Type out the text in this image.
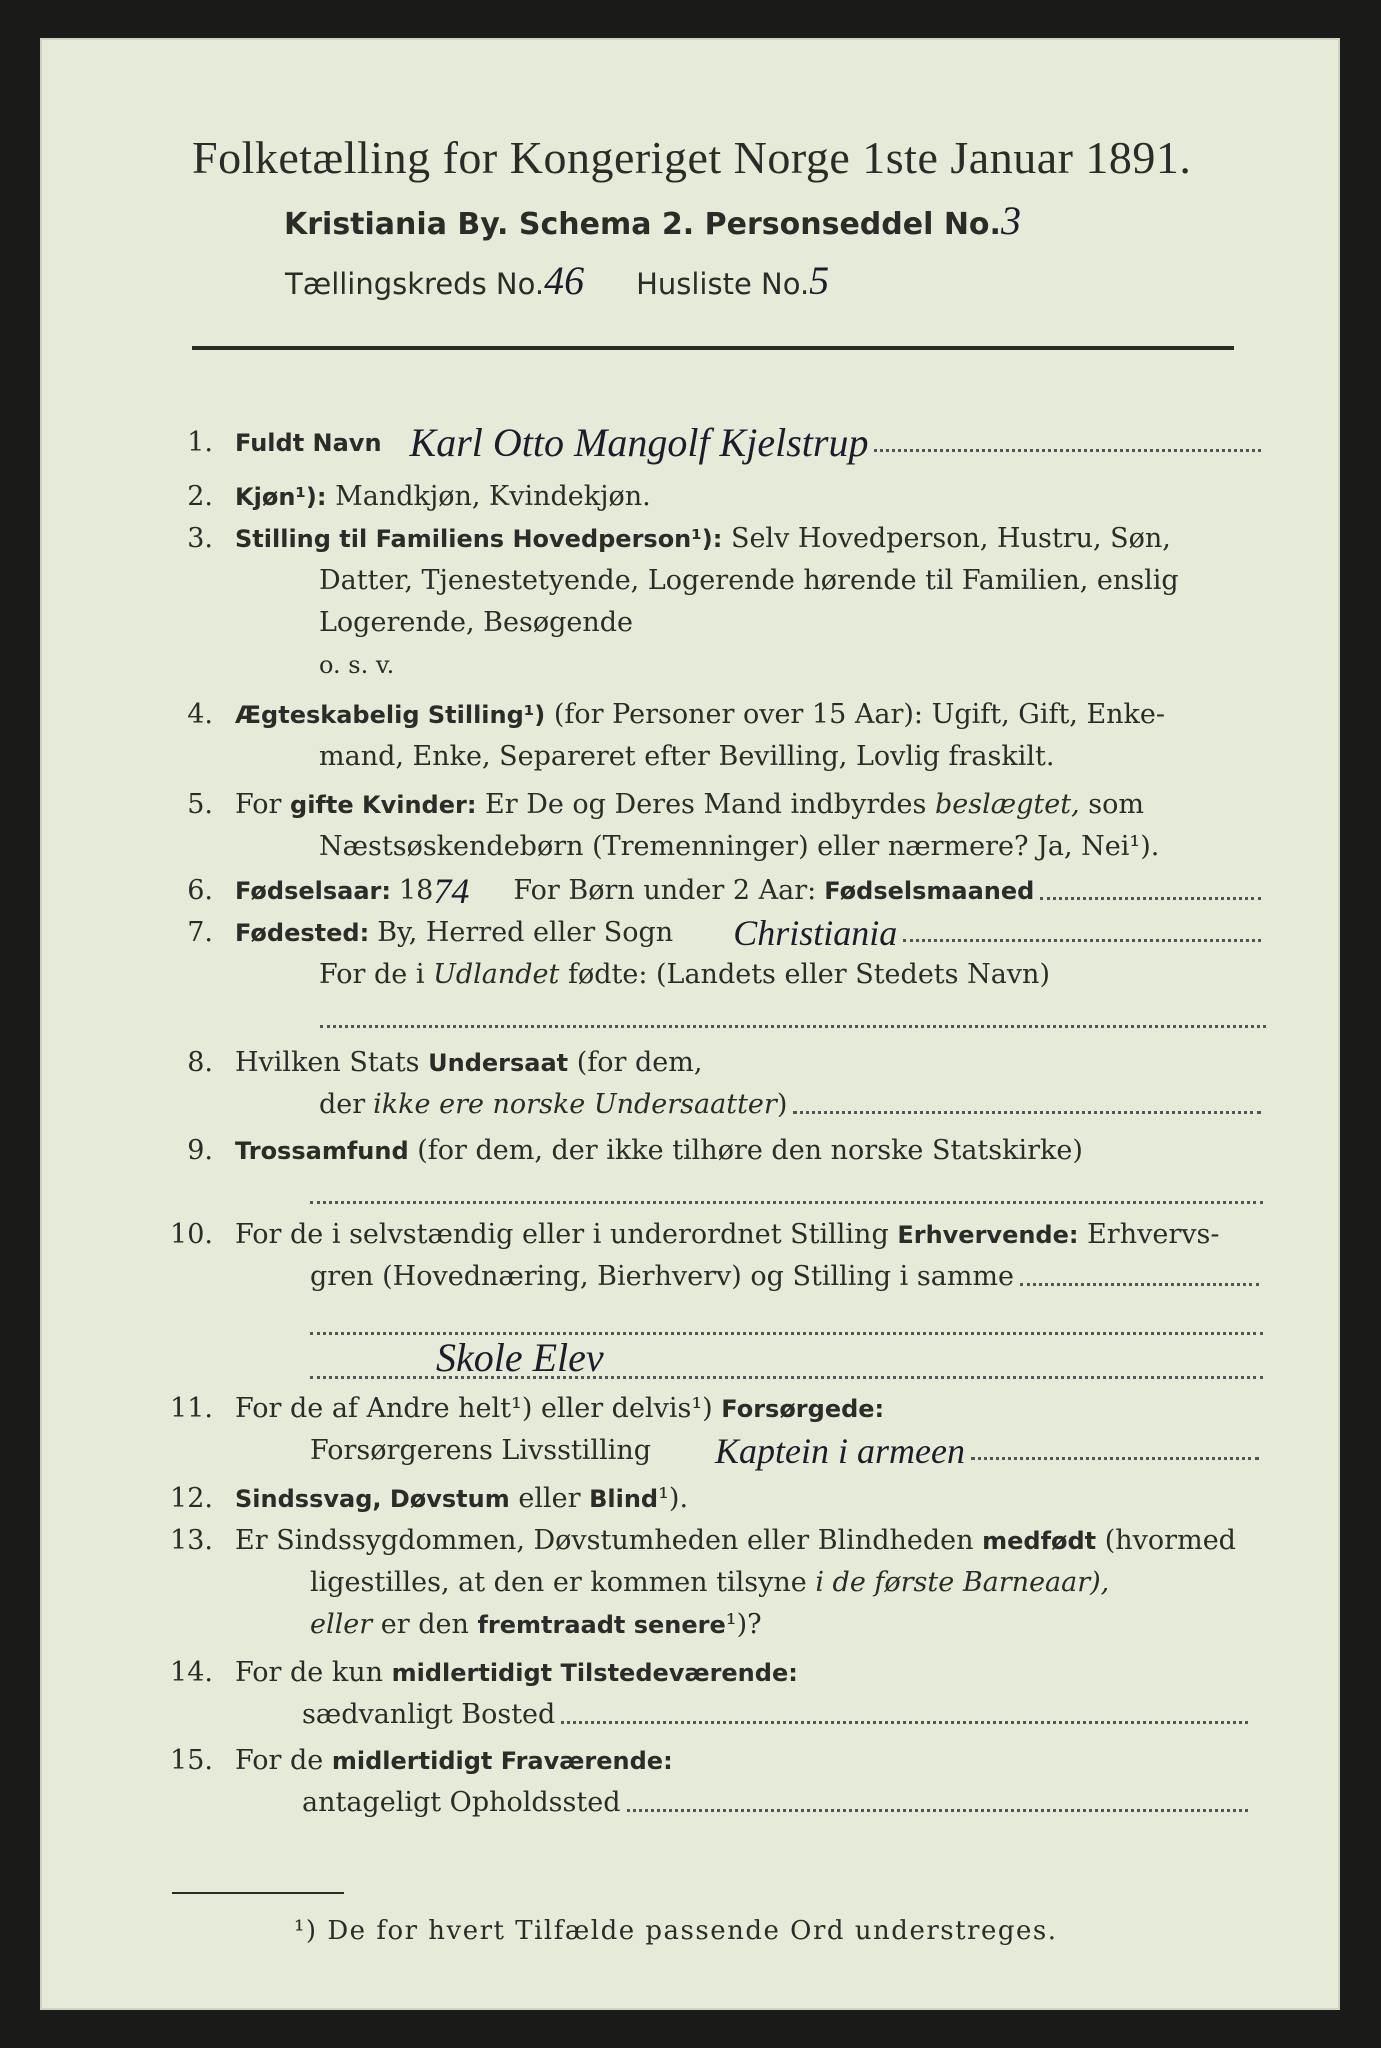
Folketælling for Kongeriget Norge 1ste Januar 1891.
Kristiania By. Schema 2. Personseddel No.3
Tællingskreds No.46 Husliste No.5
1. Fuldt Navn Karl Otto Mangolf Kjelstrup
2. Kjøn¹): Mandkjøn, Kvindekjøn.
3. Stilling til Familiens Hovedperson¹): Selv Hovedperson, Hustru, Søn,
Datter, Tjenestetyende, Logerende hørende til Familien, enslig
Logerende, Besøgende
o. s. v.
4. Ægteskabelig Stilling¹) (for Personer over 15 Aar): Ugift, Gift, Enke-
mand, Enke, Separeret efter Bevilling, Lovlig fraskilt.
5. For gifte Kvinder: Er De og Deres Mand indbyrdes beslægtet, som
Næstsøskendebørn (Tremenninger) eller nærmere? Ja, Nei¹).
6. Fødselsaar: 18 74 For Børn under 2 Aar: Fødselsmaaned
7. Fødested: By, Herred eller Sogn Christiania
For de i Udlandet fødte: (Landets eller Stedets Navn)
8. Hvilken Stats Undersaat (for dem,
der ikke ere norske Undersaatter )
9. Trossamfund (for dem, der ikke tilhøre den norske Statskirke)
10. For de i selvstændig eller i underordnet Stilling Erhvervende: Erhvervs-
gren (Hovednæring, Bierhverv) og Stilling i samme
Skole Elev
11. For de af Andre helt¹) eller delvis¹) Forsørgede:
Forsørgerens Livsstilling Kaptein i armeen
12. Sindssvag, Døvstum eller Blind¹).
13. Er Sindssygdommen, Døvstumheden eller Blindheden medfødt (hvormed
ligestilles, at den er kommen tilsyne i de første Barneaar),
eller er den fremtraadt senere¹)?
14. For de kun midlertidigt Tilstedeværende:
sædvanligt Bosted
15. For de midlertidigt Fraværende:
antageligt Opholdssted
¹) De for hvert Tilfælde passende Ord understreges.
